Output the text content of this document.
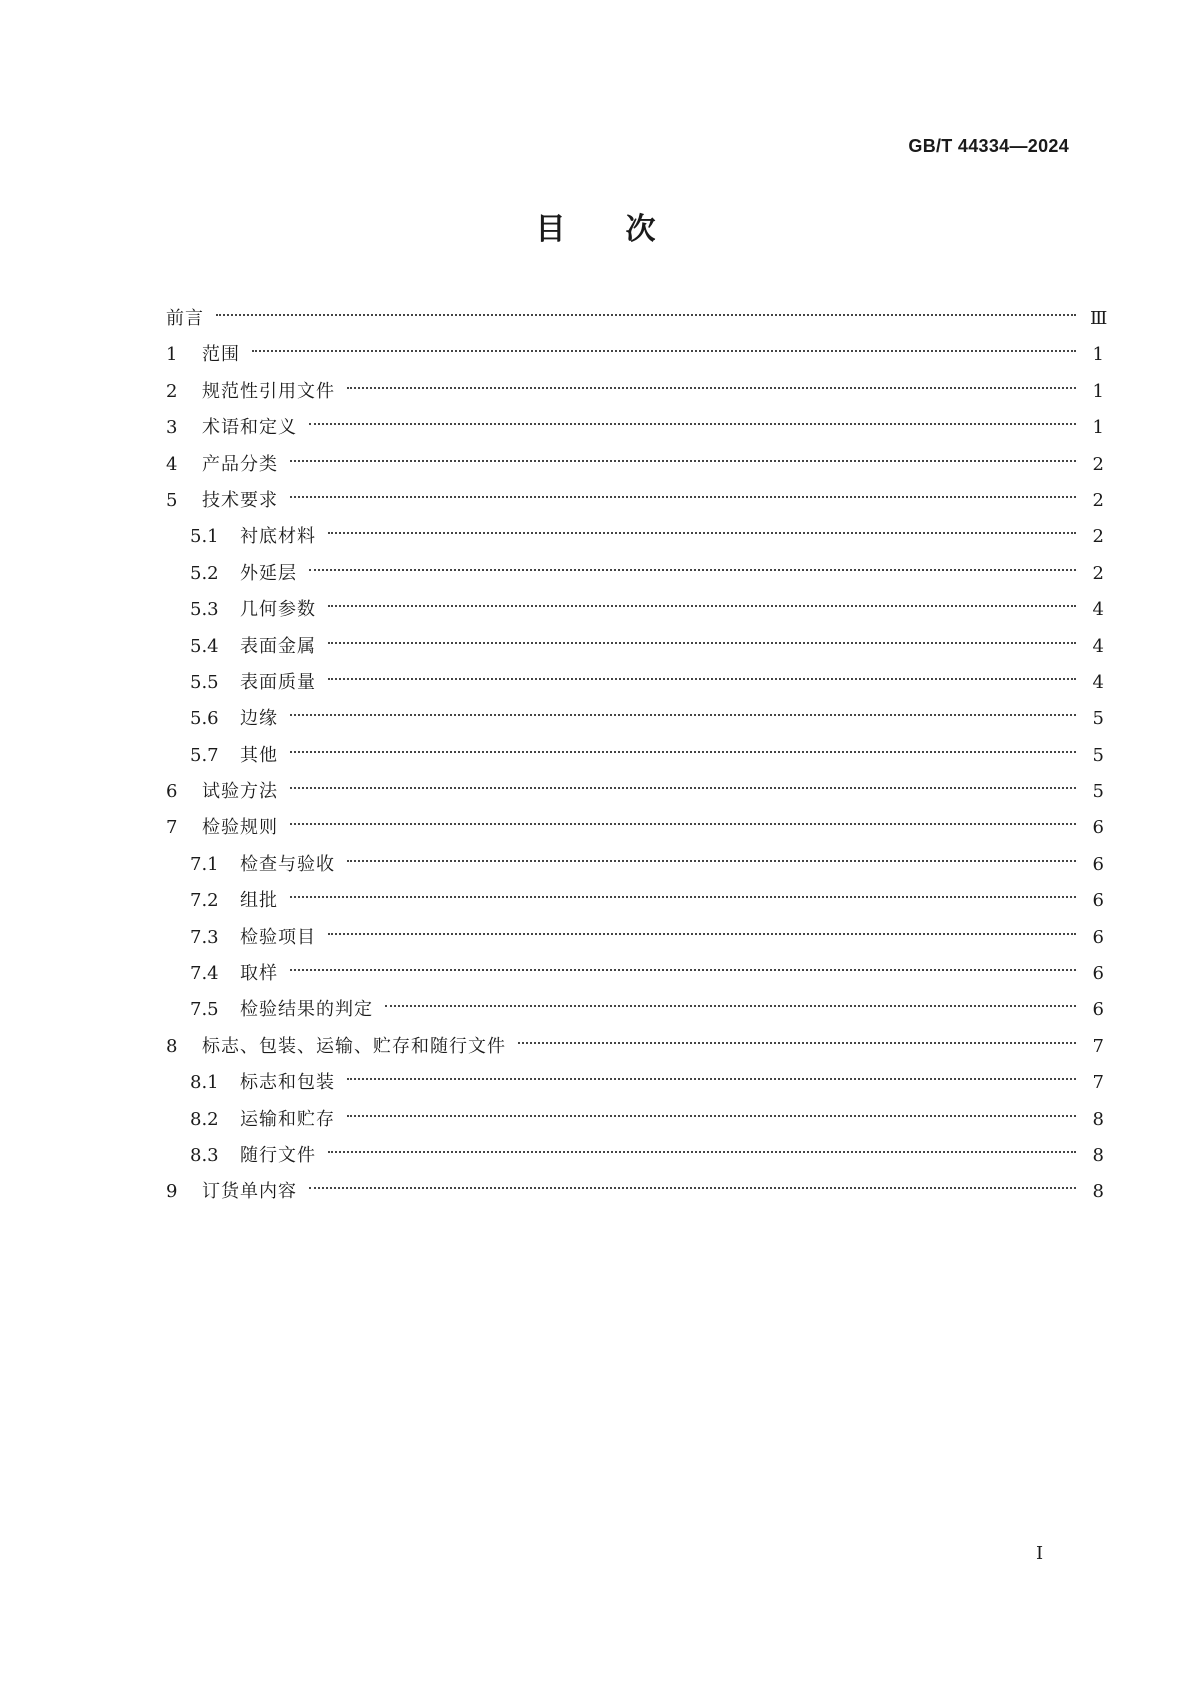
GB/T 44334—2024
目　　次
前言	Ⅲ
1	范围	1
2	规范性引用文件	1
3	术语和定义	1
4	产品分类	2
5	技术要求	2
5.1	衬底材料	2
5.2	外延层	2
5.3	几何参数	4
5.4	表面金属	4
5.5	表面质量	4
5.6	边缘	5
5.7	其他	5
6	试验方法	5
7	检验规则	6
7.1	检查与验收	6
7.2	组批	6
7.3	检验项目	6
7.4	取样	6
7.5	检验结果的判定	6
8	标志、包装、运输、贮存和随行文件	7
8.1	标志和包装	7
8.2	运输和贮存	8
8.3	随行文件	8
9	订货单内容	8
I
